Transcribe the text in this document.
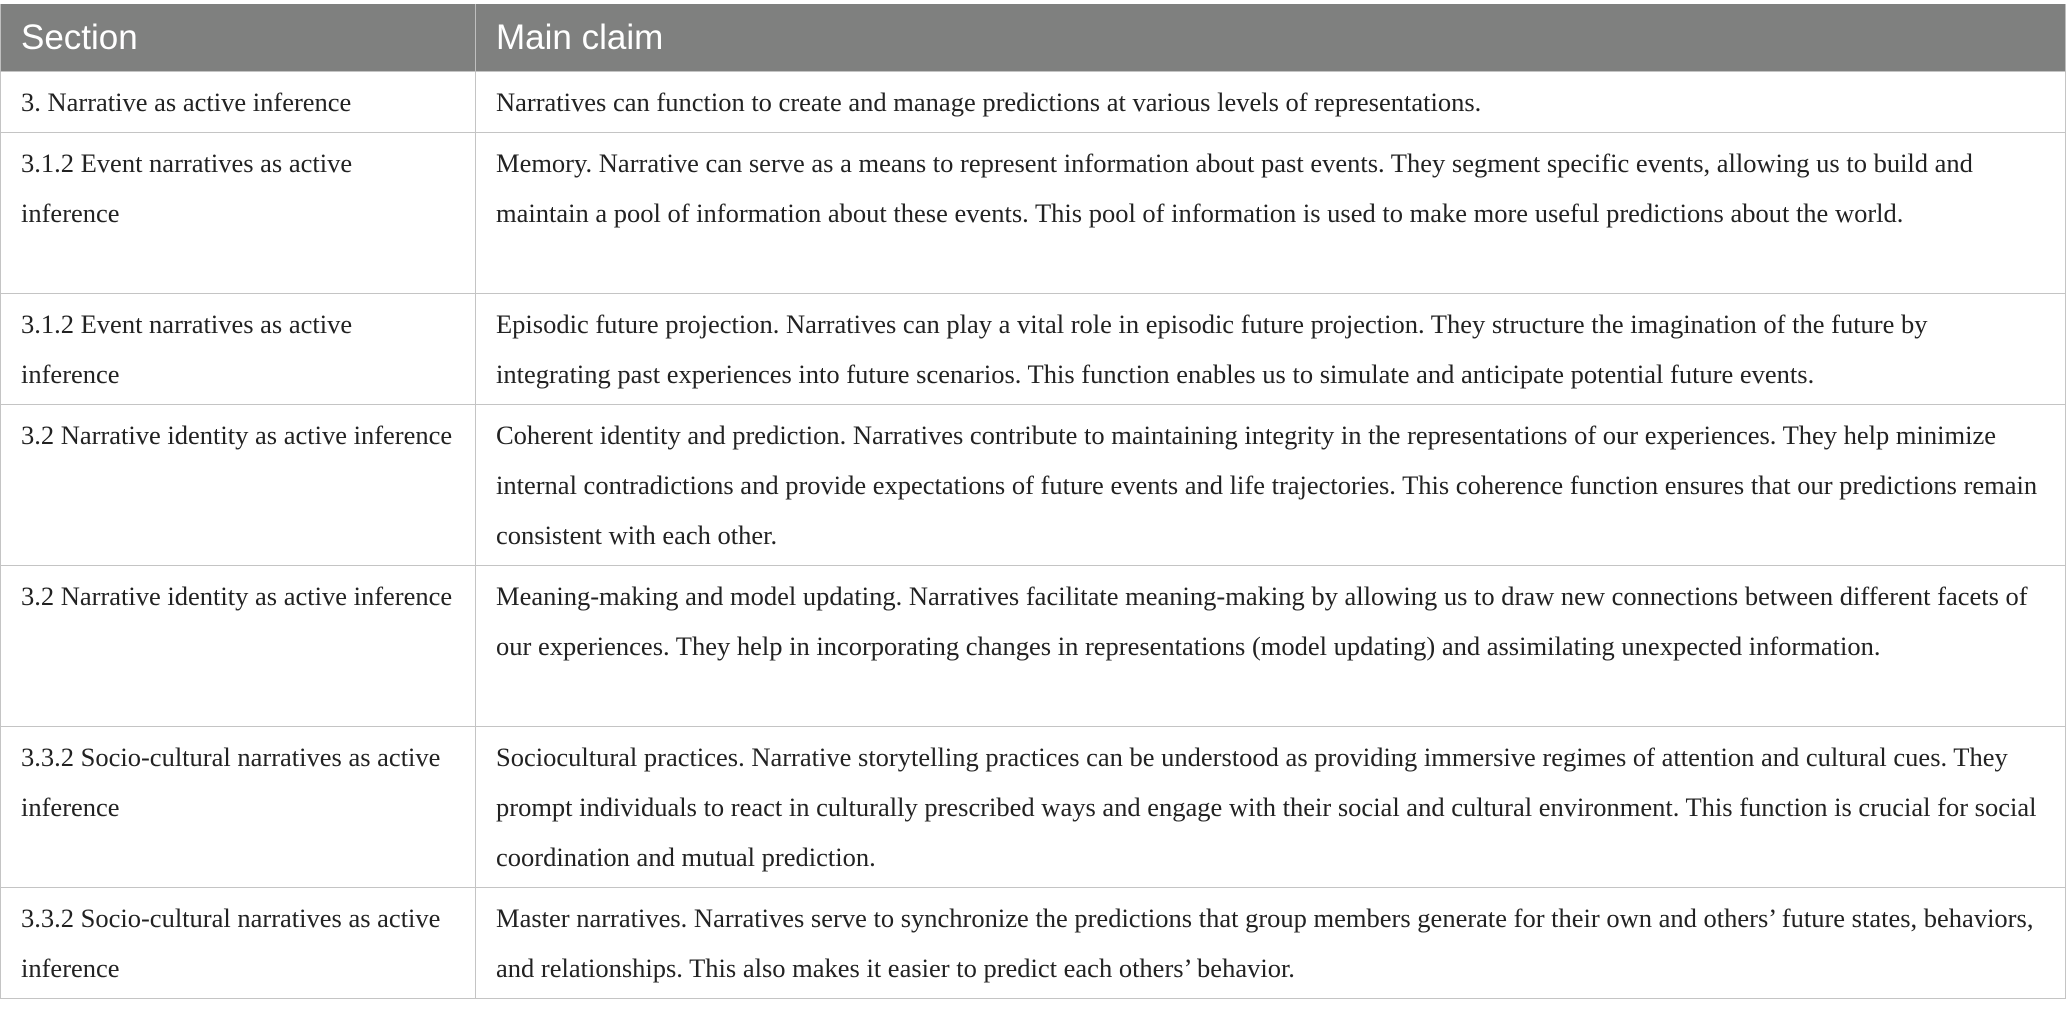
Section	Main claim
3. Narrative as active inference	Narratives can function to create and manage predictions at various levels of representations.
3.1.2 Event narratives as active inference	Memory. Narrative can serve as a means to represent information about past events. They segment specific events, allowing us to build and maintain a pool of information about these events. This pool of information is used to make more useful predictions about the world.
3.1.2 Event narratives as active inference	Episodic future projection. Narratives can play a vital role in episodic future projection. They structure the imagination of the future by integrating past experiences into future scenarios. This function enables us to simulate and anticipate potential future events.
3.2 Narrative identity as active inference	Coherent identity and prediction. Narratives contribute to maintaining integrity in the representations of our experiences. They help minimize internal contradictions and provide expectations of future events and life trajectories. This coherence function ensures that our predictions remain consistent with each other.
3.2 Narrative identity as active inference	Meaning-making and model updating. Narratives facilitate meaning-making by allowing us to draw new connections between different facets of our experiences. They help in incorporating changes in representations (model updating) and assimilating unexpected information.
3.3.2 Socio-cultural narratives as active inference	Sociocultural practices. Narrative storytelling practices can be understood as providing immersive regimes of attention and cultural cues. They prompt individuals to react in culturally prescribed ways and engage with their social and cultural environment. This function is crucial for social coordination and mutual prediction.
3.3.2 Socio-cultural narratives as active inference	Master narratives. Narratives serve to synchronize the predictions that group members generate for their own and others’ future states, behaviors, and relationships. This also makes it easier to predict each others’ behavior.
